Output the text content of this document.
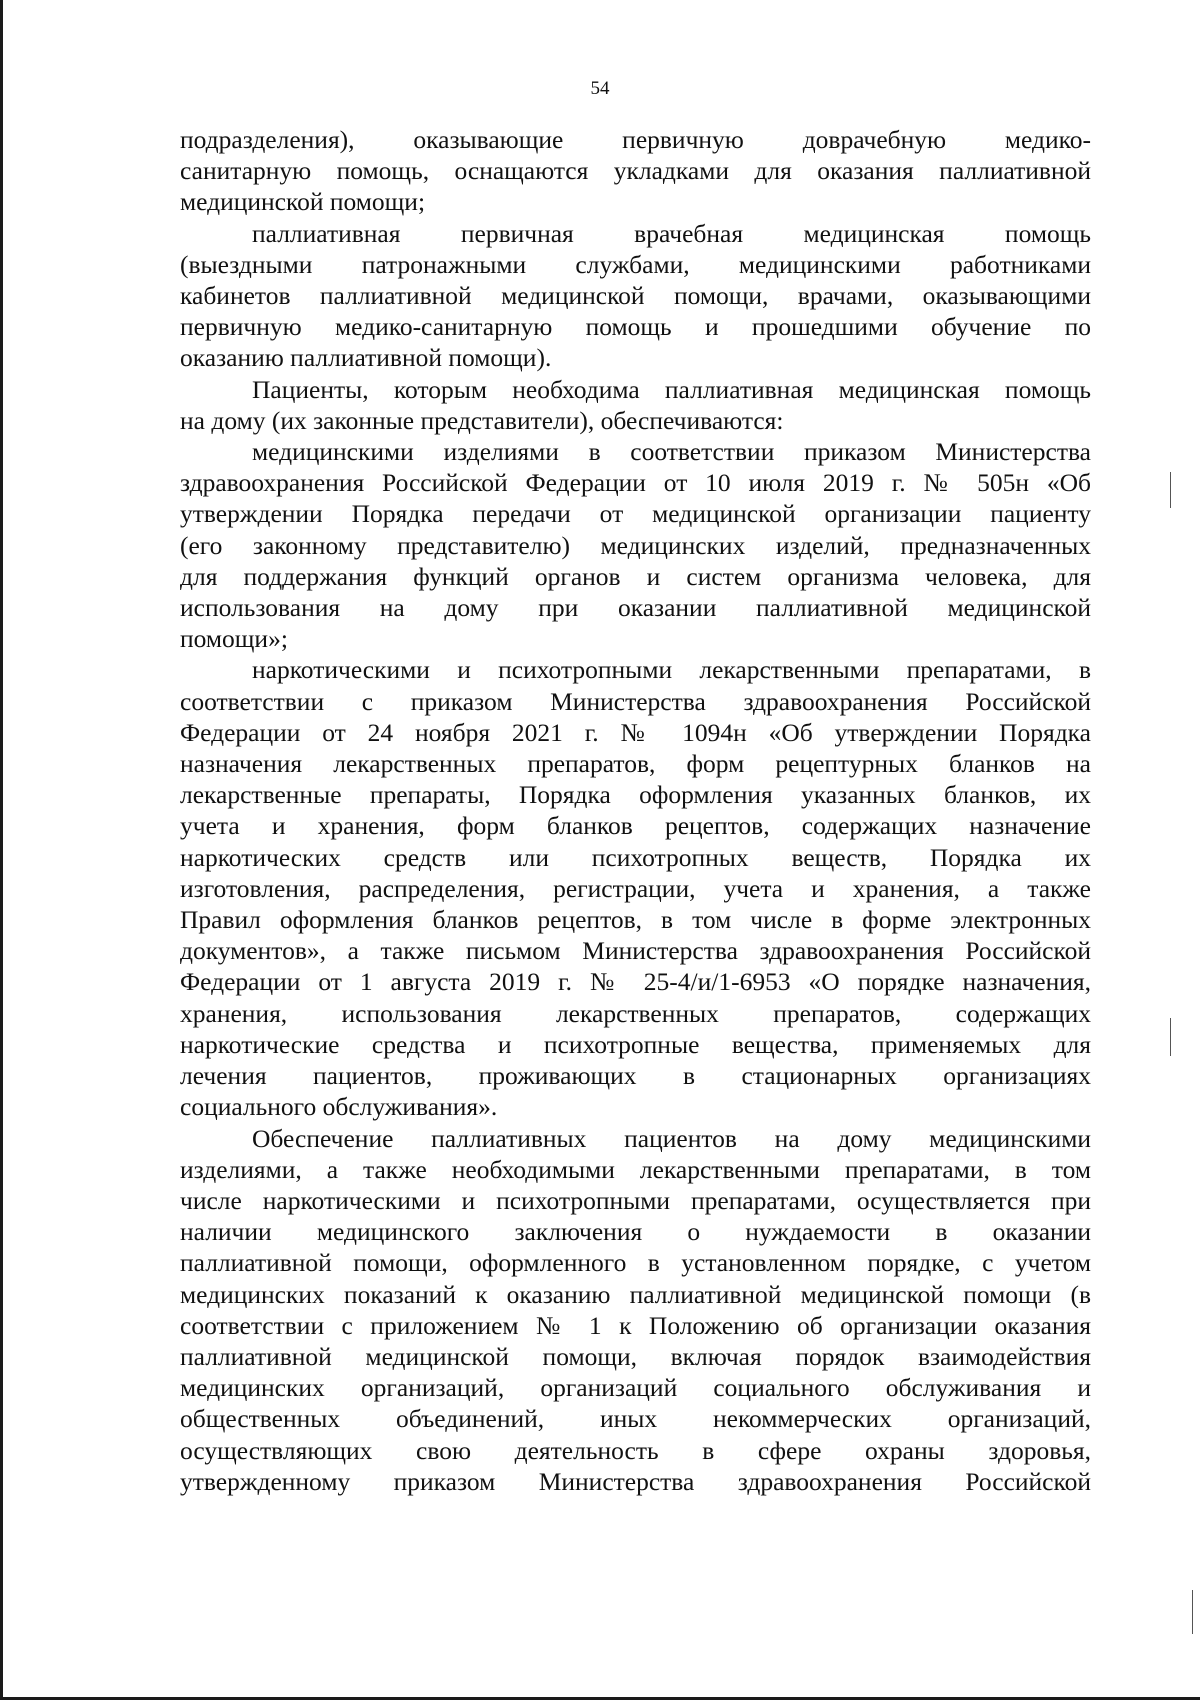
54

подразделения), оказывающие первичную доврачебную медико-
санитарную помощь, оснащаются укладками для оказания паллиативной
медицинской помощи;

паллиативная первичная врачебная медицинская помощь
(выездными патронажными службами, медицинскими работниками
кабинетов паллиативной медицинской помощи, врачами, оказывающими
первичную медико-санитарную помощь и прошедшими обучение по
оказанию паллиативной помощи).

Пациенты, которым необходима паллиативная медицинская помощь
на дому (их законные представители), обеспечиваются:

медицинскими изделиями в соответствии приказом Министерства
здравоохранения Российской Федерации от 10 июля 2019 г. № 505н «Об
утверждении Порядка передачи от медицинской организации пациенту
(его законному представителю) медицинских изделий, предназначенных
для поддержания функций органов и систем организма человека, для
использования на дому при оказании паллиативной медицинской
помощи»;

наркотическими и психотропными лекарственными препаратами, в
соответствии с приказом Министерства здравоохранения Российской
Федерации от 24 ноября 2021 г. № 1094н «Об утверждении Порядка
назначения лекарственных препаратов, форм рецептурных бланков на
лекарственные препараты, Порядка оформления указанных бланков, их
учета и хранения, форм бланков рецептов, содержащих назначение
наркотических средств или психотропных веществ, Порядка их
изготовления, распределения, регистрации, учета и хранения, а также
Правил оформления бланков рецептов, в том числе в форме электронных
документов», а также письмом Министерства здравоохранения Российской
Федерации от 1 августа 2019 г. № 25-4/и/1-6953 «О порядке назначения,
хранения, использования лекарственных препаратов, содержащих
наркотические средства и психотропные вещества, применяемых для
лечения пациентов, проживающих в стационарных организациях
социального обслуживания».

Обеспечение паллиативных пациентов на дому медицинскими
изделиями, а также необходимыми лекарственными препаратами, в том
числе наркотическими и психотропными препаратами, осуществляется при
наличии медицинского заключения о нуждаемости в оказании
паллиативной помощи, оформленного в установленном порядке, с учетом
медицинских показаний к оказанию паллиативной медицинской помощи (в
соответствии с приложением № 1 к Положению об организации оказания
паллиативной медицинской помощи, включая порядок взаимодействия
медицинских организаций, организаций социального обслуживания и
общественных объединений, иных некоммерческих организаций,
осуществляющих свою деятельность в сфере охраны здоровья,
утвержденному приказом Министерства здравоохранения Российской
